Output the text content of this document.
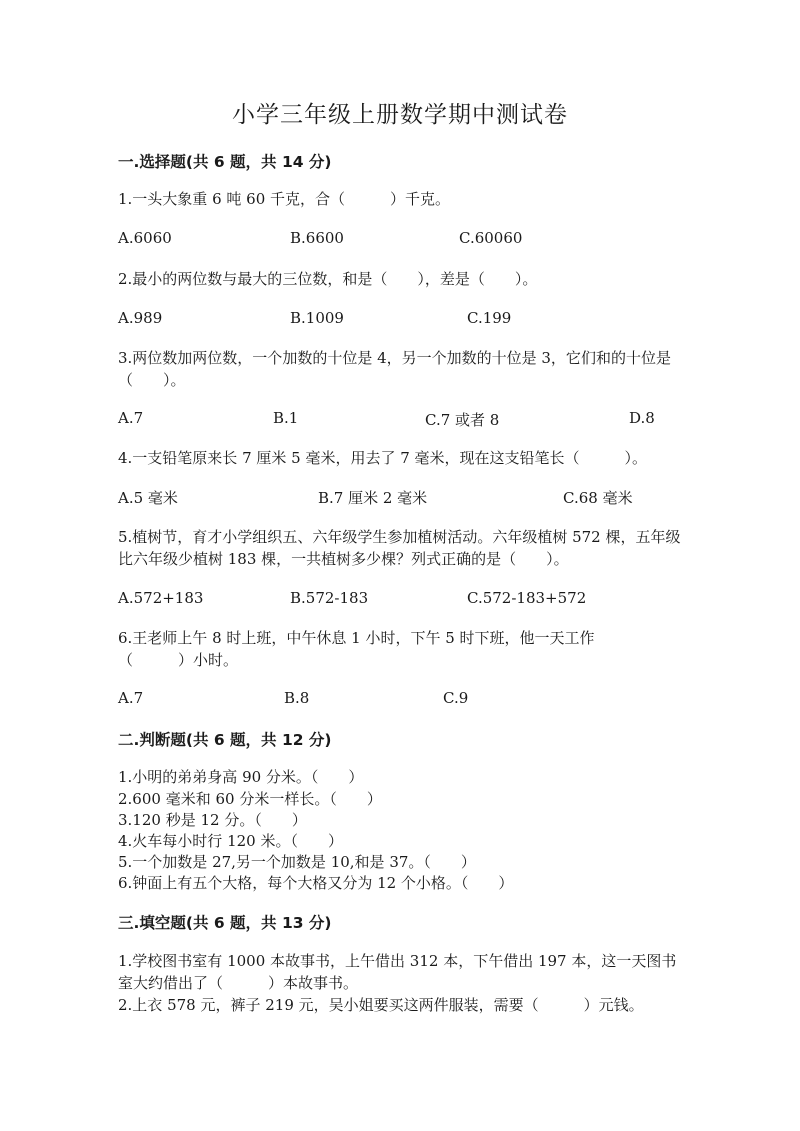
小学三年级上册数学期中测试卷
一.选择题(共 6 题，共 14 分)
1.一头大象重 6 吨 60 千克，合（　　　）千克。
A.6060	B.6600	C.60060
2.最小的两位数与最大的三位数，和是（　　），差是（　　）。
A.989	B.1009	C.199
3.两位数加两位数，一个加数的十位是 4，另一个加数的十位是 3，它们和的十位是（　　）。
A.7	B.1	C.7 或者 8	D.8
4.一支铅笔原来长 7 厘米 5 毫米，用去了 7 毫米，现在这支铅笔长（　　　）。
A.5 毫米	B.7 厘米 2 毫米	C.68 毫米
5.植树节，育才小学组织五、六年级学生参加植树活动。六年级植树 572 棵，五年级比六年级少植树 183 棵，一共植树多少棵？列式正确的是（　　）。
A.572+183	B.572-183	C.572-183+572
6.王老师上午 8 时上班，中午休息 1 小时，下午 5 时下班，他一天工作
（　　　）小时。
A.7	B.8	C.9
二.判断题(共 6 题，共 12 分)
1.小明的弟弟身高 90 分米。（　　）
2.600 毫米和 60 分米一样长。（　　）
3.120 秒是 12 分。（　　）
4.火车每小时行 120 米。（　　）
5.一个加数是 27,另一个加数是 10,和是 37。（　　）
6.钟面上有五个大格，每个大格又分为 12 个小格。（　　）
三.填空题(共 6 题，共 13 分)
1.学校图书室有 1000 本故事书，上午借出 312 本，下午借出 197 本，这一天图书室大约借出了（　　　）本故事书。
2.上衣 578 元，裤子 219 元，吴小姐要买这两件服装，需要（　　　）元钱。
